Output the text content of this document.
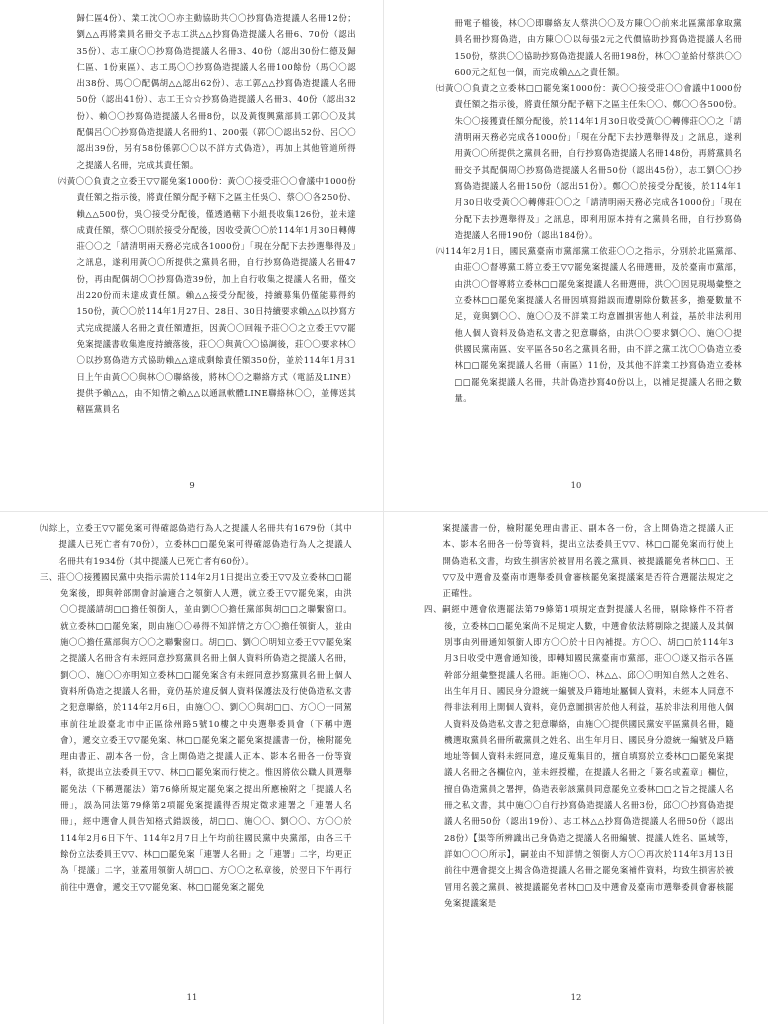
歸仁區4份）、業工沈〇〇亦主動協助共〇〇抄寫偽造提議人名冊12份；劉△△再將業員名冊交予志工洪△△抄寫偽造提議人名冊6、70份（認出35份）、志工康〇〇抄寫偽造提議人名冊3、40份（認出30份仁德及歸仁區、1份東區）、志工馬〇〇抄寫偽造提議人名冊100餘份（馬〇〇認出38份、馬〇〇配偶胡△△認出62份）、志工郭△△抄寫偽造提議人名冊50份（認出41份）、志工王☆☆抄寫偽造提議人名冊3、40份（認出32份）、賴〇〇抄寫偽造提議人名冊8份，以及黃復興黨部員工郭〇〇及其配偶呂〇〇抄寫偽造提議人名冊約1、200張（郭〇〇認出52份、呂〇〇認出39份，另有58份係郭〇〇以不詳方式偽造），再加上其他管道所得之提議人名冊，完成其責任額。

㈥黃〇〇負責之立委王▽▽罷免案1000份：黃〇〇接受莊〇〇會議中1000份責任額之指示後，將責任額分配予轄下之區主任吳〇、蔡〇〇各250份、賴△△500份，吳〇接受分配後，僅透過轄下小組長收集126份，並未達成責任額，蔡〇〇則於接受分配後，因收受黃〇〇於114年1月30日轉傳莊〇〇之「請清明兩天務必完成各1000份」「現在分配下去抄選舉得及」之訊息，遂利用黃〇〇所提供之黨員名冊，自行抄寫偽造提議人名冊47份，再由配偶胡〇〇抄寫偽造39份，加上自行收集之提議人名冊，僅交出220份而未達成責任額。賴△△接受分配後，持續募集仍僅能募得約150份，黃〇〇於114年1月27日、28日、30日持續要求賴△△以抄寫方式完成提議人名冊之責任額遭拒，因黃〇〇回報予莊〇〇之立委王▽▽罷免案提議書收集進度持續落後，莊〇〇與黃〇〇協調後，莊〇〇要求林〇〇以抄寫偽造方式協助賴△△達成剩餘責任額350份，並於114年1月31日上午由黃〇〇與林〇〇聯絡後，將林〇〇之聯絡方式（電話及LINE）提供予賴△△，由不知情之賴△△以通訊軟體LINE聯絡林〇〇，並傳送其轄區黨員名

9

冊電子檔後，林〇〇即聯絡友人蔡洪〇〇及方陳〇〇前來北區黨部拿取黨員名冊抄寫偽造，由方陳〇〇以每張2元之代價協助抄寫偽造提議人名冊150份，蔡洪〇〇協助抄寫偽造提議人名冊198份，林〇〇並給付蔡洪〇〇600元之紅包一個，而完成賴△△之責任額。

㈦黃〇〇負責之立委林□□罷免案1000份：黃〇〇接受莊〇〇會議中1000份責任額之指示後，將責任額分配予轄下之區主任朱〇〇、鄭〇〇各500份。朱〇〇接獲責任額分配後，於114年1月30日收受黃〇〇轉傳莊〇〇之「請清明兩天務必完成各1000份」「現在分配下去抄選舉得及」之訊息，遂利用黃〇〇所提供之黨員名冊，自行抄寫偽造提議人名冊148份，再將黨員名冊交予其配偶周〇抄寫偽造提議人名冊50份（認出45份），志工劉〇〇抄寫偽造提議人名冊150份（認出51份）。鄭〇〇於接受分配後，於114年1月30日收受黃〇〇轉傳莊〇〇之「請清明兩天務必完成各1000份」「現在分配下去抄選舉得及」之訊息，即利用原本持有之黨員名冊，自行抄寫偽造提議人名冊190份（認出184份）。

㈧114年2月1日，國民黨臺南市黨部黨工依莊〇〇之指示，分別於北區黨部、由莊〇〇督導黨工將立委王▽▽罷免案提議人名冊選冊，及於臺南市黨部，由洪〇〇督導將立委林□□罷免案提議人名冊選冊，洪〇〇因見現場彙整之立委林□□罷免案提議人名冊因填寫錯誤而遭剔除份數甚多，擔憂數量不足，竟與劉〇〇、施〇〇及不詳業工均意圖損害他人利益，基於非法利用他人個人資料及偽造私文書之犯意聯絡，由洪〇〇要求劉〇〇、施〇〇提供國民黨南區、安平區各50名之黨員名冊，由不詳之黨工沈〇〇偽造立委林□□罷免案提議人名冊（南區）11份，及其他不詳業工抄寫偽造立委林□□罷免案提議人名冊，共計偽造抄寫40份以上，以補足提議人名冊之數量。

10

㈨綜上，立委王▽▽罷免案可得確認偽造行為人之提議人名冊共有1679份（其中提議人已死亡者有70份），立委林□□罷免案可得確認偽造行為人之提議人名冊共有1934份（其中提議人已死亡者有60份）。

三、莊〇〇接獲國民黨中央指示需於114年2月1日提出立委王▽▽及立委林□□罷免案後，即與幹部開會討論適合之領銜人人選，就立委王▽▽罷免案，由洪〇〇提議請胡□□擔任領銜人，並由劉〇〇擔任黨部與胡□□之聯繫窗口。就立委林□□罷免案，則由施〇〇尋得不知詳情之方〇〇擔任領銜人，並由施〇〇擔任黨部與方〇〇之聯繫窗口。胡□□、劉〇〇明知立委王▽▽罷免案之提議人名冊含有未經同意抄寫黨員名冊上個人資料所偽造之提議人名冊，劉〇〇、施〇〇亦明知立委林□□罷免案含有未經同意抄寫黨員名冊上個人資料所偽造之提議人名冊，竟仍基於違反個人資料保護法及行使偽造私文書之犯意聯絡，於114年2月6日，由施〇〇、劉〇〇與胡□□、方〇〇一同駕車前往址設臺北市中正區徐州路5號10樓之中央選舉委員會（下稱中選會），遞交立委王▽▽罷免案、林□□罷免案之罷免案提議書一份，檢附罷免理由書正、副本各一份，含上開偽造之提議人正本、影本名冊各一份等資料，欲提出立法委員王▽▽、林□□罷免案而行使之。惟因將依公職人員選舉罷免法（下稱選罷法）第76條所規定罷免案之提出所應檢附之「提議人名冊」，誤為同法第79條第2項罷免案提議得否規定徵求連署之「連署人名冊」，經中選會人員告知格式錯誤後，胡□□、施〇〇、劉〇〇、方〇〇於114年2月6日下午、114年2月7日上午均前往國民黨中央黨部，由各三千餘份立法委員王▽▽、林□□罷免案「連署人名冊」之「連署」二字，均更正為「提議」二字，並蓋用領銜人胡□□、方〇〇之私章後，於翌日下午再行前往中選會，遞交王▽▽罷免案、林□□罷免案之罷免

11

案提議書一份，檢附罷免理由書正、副本各一份，含上開偽造之提議人正本、影本名冊各一份等資料，提出立法委員王▽▽、林□□罷免案而行使上開偽造私文書，均致生損害於被冒用名義之黨員、被提議罷免者林□□、王▽▽及中選會及臺南市選舉委員會審核罷免案提議案是否符合選罷法規定之正確性。

四、嗣經中選會依選罷法第79條第1項規定查對提議人名冊，剔除條件不符者後，立委林□□罷免案尚不足規定人數，中選會依法將剔除之提議人及其個別事由列冊通知領銜人即方〇〇於十日內補提。方〇〇、胡□□於114年3月3日收受中選會通知後，即轉知國民黨臺南市黨部，莊〇〇遂又指示各區幹部分組彙整提議人名冊。詎施〇〇、林△△、邱〇〇明知自然人之姓名、出生年月日、國民身分證統一編號及戶籍地址屬個人資料，未經本人同意不得非法利用上開個人資料，竟仍意圖損害於他人利益，基於非法利用他人個人資料及偽造私文書之犯意聯絡，由施〇〇提供國民黨安平區黨員名冊，隨機選取黨員名冊所載黨員之姓名、出生年月日、國民身分證統一編號及戶籍地址等個人資料未經同意，違反蒐集目的，擅自填寫於立委林□□罷免案提議人名冊之各欄位內，並未經授權，在提議人名冊之「簽名或蓋章」欄位，擅自偽造黨員之署押，偽造表彰該黨員同意罷免立委林□□之旨之提議人名冊之私文書，其中施〇〇自行抄寫偽造提議人名冊3份，邱〇〇抄寫偽造提議人名冊50份（認出19份）、志工林△△抄寫偽造提議人名冊50份（認出28份）【渠等所辨識出己身偽造之提議人名冊編號、提議人姓名、區域等，詳如〇〇〇所示】，嗣並由不知詳情之領銜人方〇〇再次於114年3月13日前往中選會提交上揭含偽造提議人名冊之罷免案補件資料，均致生損害於被冒用名義之黨員、被提議罷免者林□□及中選會及臺南市選舉委員會審核罷免案提議案是

12
